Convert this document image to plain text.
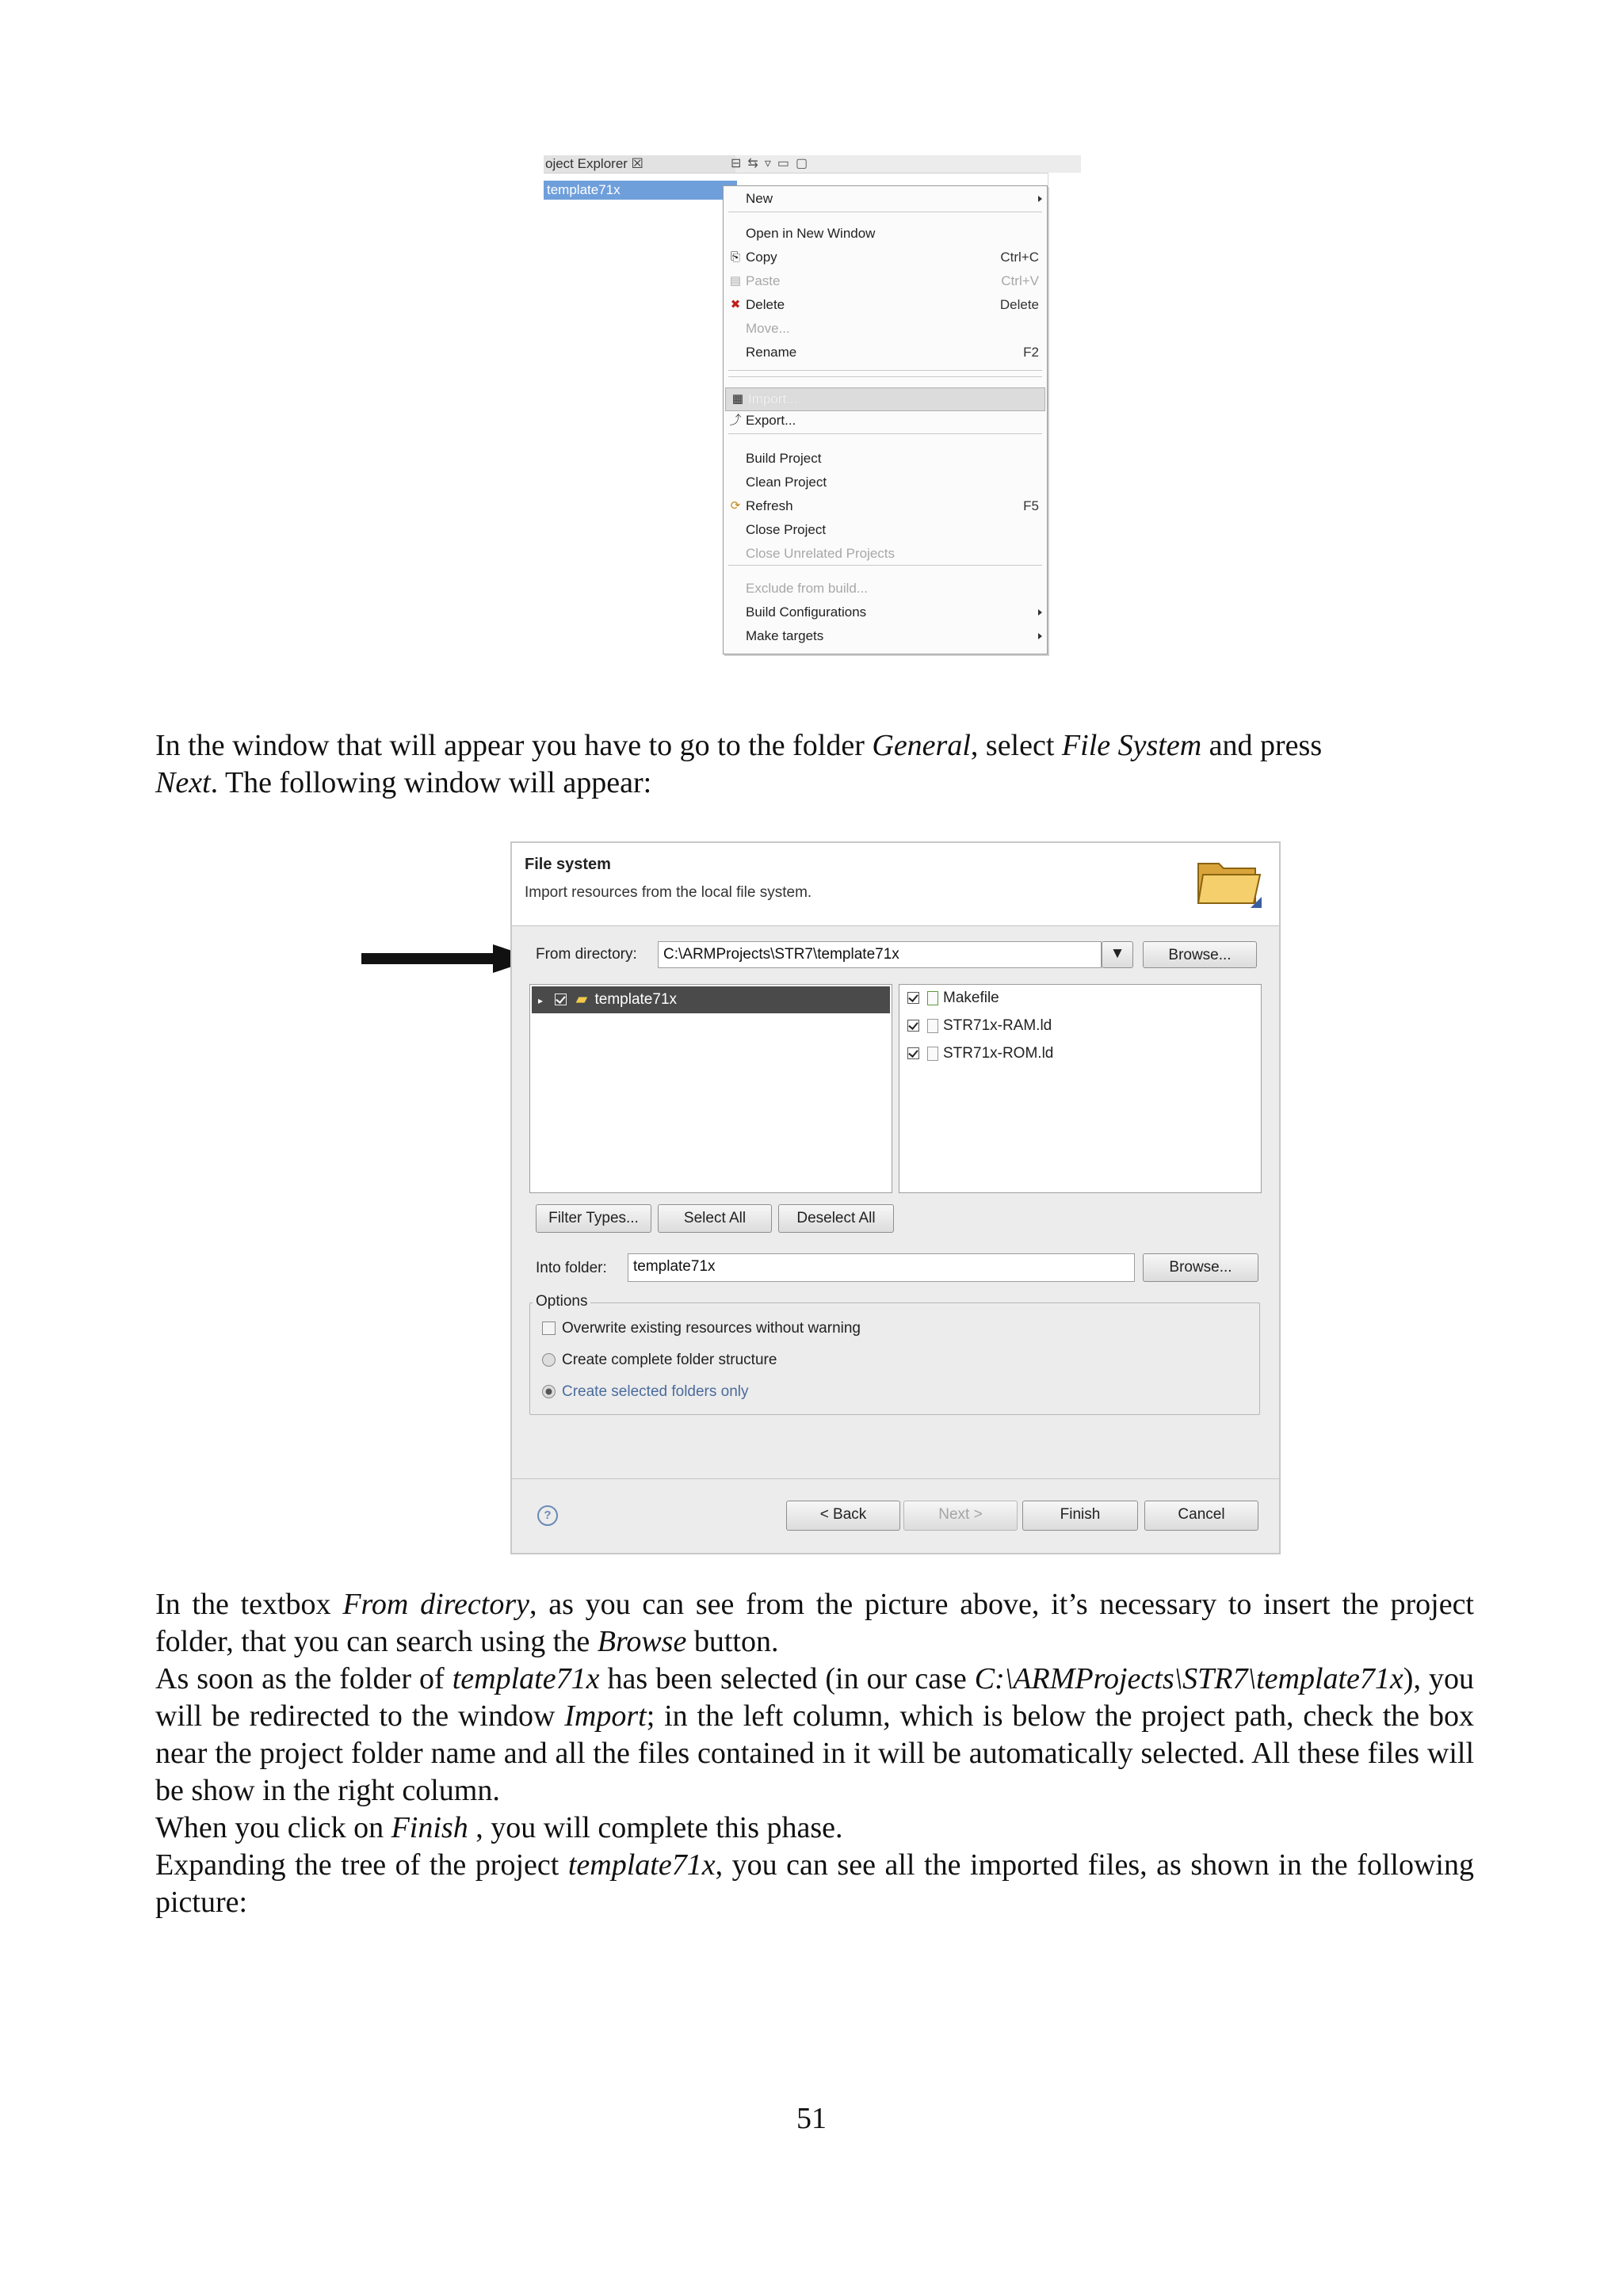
oject Explorer ☒	⊟⇆▿▭▢
template71x
New
Open in New Window
⎘ Copy	Ctrl+C
▤ Paste	Ctrl+V
✖ Delete	Delete
Move...
Rename	F2
▦ Import...
⤴ Export...
Build Project
Clean Project
⟳ Refresh	F5
Close Project
Close Unrelated Projects
Exclude from build...
Build Configurations
Make targets
In the window that will appear you have to go to the folder General, select File System and press
Next. The following window will appear:
File system
Import resources from the local file system.
From directory:	C:\ARMProjects\STR7\template71x	▼	Browse...
▸ ▰ template71x	Makefile
STR71x-RAM.ld
STR71x-ROM.ld
Filter Types...	Select All	Deselect All
Into folder:	template71x	Browse...
Options
Overwrite existing resources without warning
Create complete folder structure
Create selected folders only
?	< Back	Next >	Finish	Cancel
In the textbox From directory, as you can see from the picture above, it’s necessary to insert the project folder, that you can search using the Browse button.
As soon as the folder of template71x has been selected (in our case C:\ARMProjects\STR7\template71x), you will be redirected to the window Import; in the left column, which is below the project path, check the box near the project folder name and all the files contained in it will be automatically selected. All these files will be show in the right column.
When you click on Finish , you will complete this phase.
Expanding the tree of the project template71x, you can see all the imported files, as shown in the following picture:
51
